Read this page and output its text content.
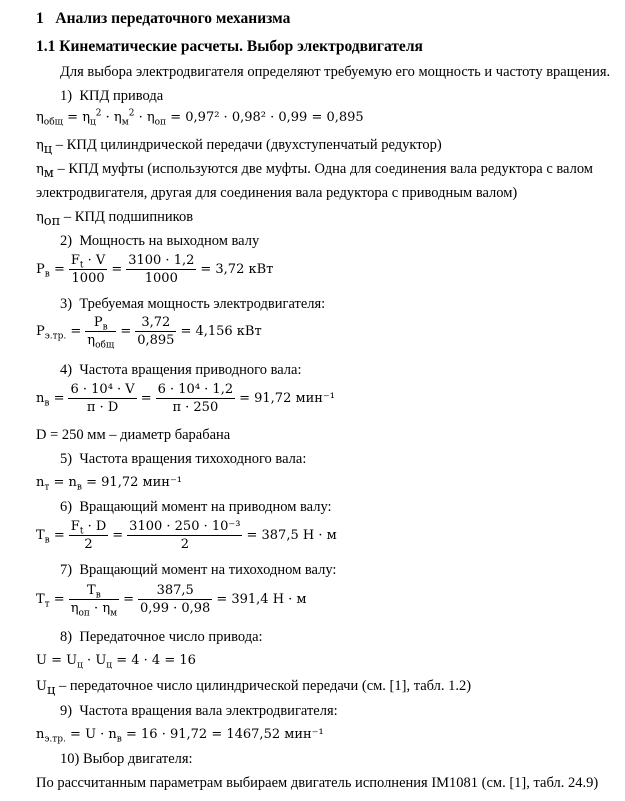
1 Анализ передаточного механизма
1.1 Кинематические расчеты. Выбор электродвигателя
Для выбора электродвигателя определяют требуемую его мощность и частоту вращения.
1) КПД привода
$\eta_{общ} = \eta_ц^2 \cdot \eta_м^2 \cdot \eta_{оп} = 0,97^2 \cdot 0,98^2 \cdot 0,99 = 0,895$
$\eta_ц$ – КПД цилиндрической передачи (двухступенчатый редуктор)
$\eta_м$ – КПД муфты (используются две муфты. Одна для соединения вала редуктора с валом
электродвигателя, другая для соединения вала редуктора с приводным валом)
$\eta_{оп}$ – КПД подшипников
2) Мощность на выходном валу
$P_в = \frac{F_t \cdot V}{1000} = \frac{3100 \cdot 1,2}{1000} = 3,72$ кВт
3) Требуемая мощность электродвигателя:
$P_{э.тр.} = \frac{P_в}{\eta_{общ}} = \frac{3,72}{0,895} = 4,156$ кВт
4) Частота вращения приводного вала:
$n_в = \frac{\text{6 · 10⁴ · V}}{\pi \cdot D} = \frac{\text{6 · 10⁴ · 1,2}}{\pi \cdot 250} = 91,72$ мин⁻¹
D = 250 мм – диаметр барабана
5) Частота вращения тихоходного вала:
$n_т = n_в = 91,72$ мин⁻¹
6) Вращающий момент на приводном валу:
$T_в = \frac{F_t \cdot D}{2} = \frac{\text{3100 · 250 · 10⁻³}}{2} = 387,5$ Н · м
7) Вращающий момент на тихоходном валу:
$T_т = \frac{T_в}{\eta_{оп} \cdot \eta_м} = \frac{387,5}{0,99 \cdot 0,98} = 391,4$ Н · м
8) Передаточное число привода:
$U = U_ц \cdot U_ц = 4 \cdot 4 = 16$
$U_ц$ – передаточное число цилиндрической передачи (см. [1], табл. 1.2)
9) Частота вращения вала электродвигателя:
$n_{э.тр.} = U \cdot n_в = 16 \cdot 91,72 = 1467,52$ мин⁻¹
10) Выбор двигателя:
По рассчитанным параметрам выбираем двигатель исполнения IM1081 (см. [1], табл. 24.9)
